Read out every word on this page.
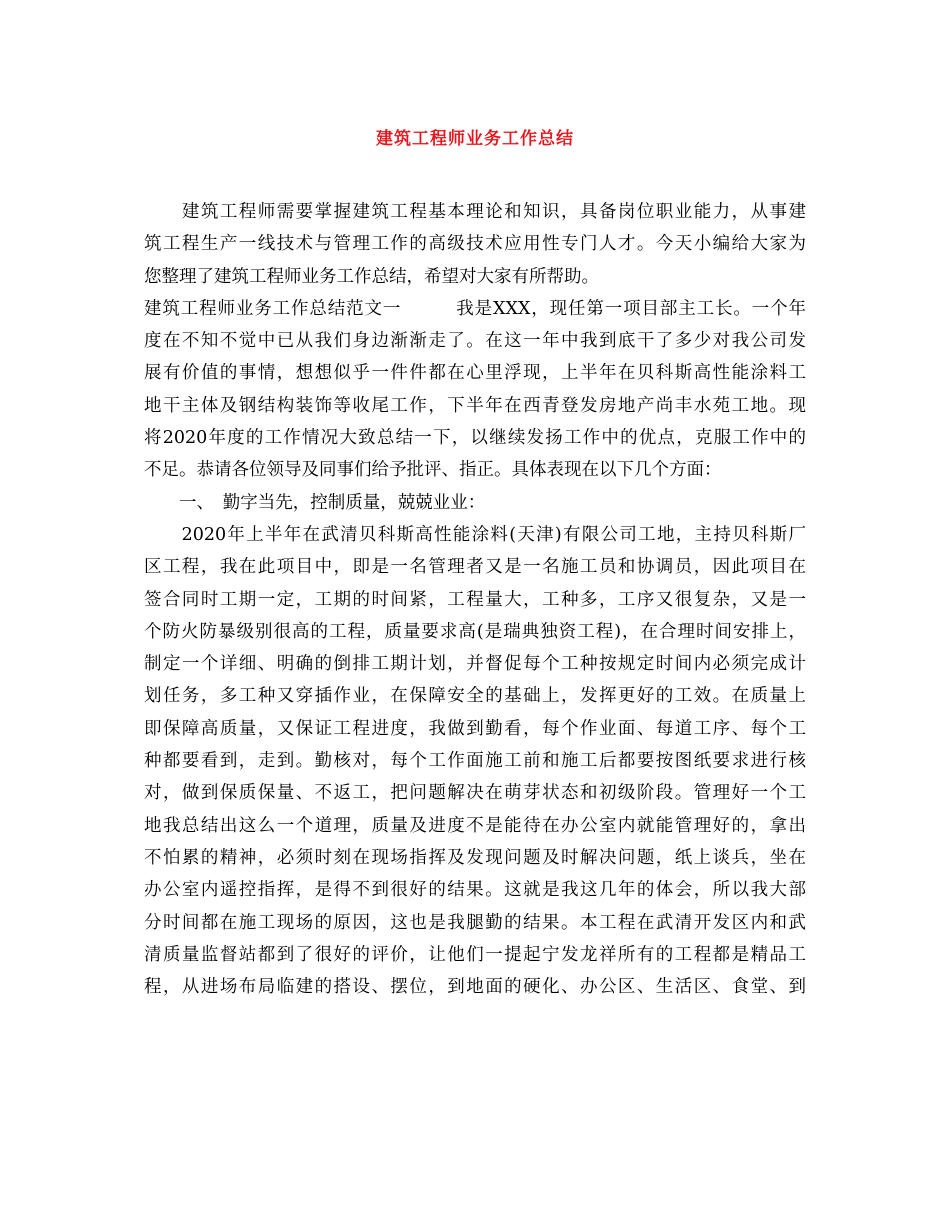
建筑工程师业务工作总结
　　建筑工程师需要掌握建筑工程基本理论和知识，具备岗位职业能力，从事建
筑工程生产一线技术与管理工作的高级技术应用性专门人才。今天小编给大家为
您整理了建筑工程师业务工作总结，希望对大家有所帮助。
建筑工程师业务工作总结范文一　　　我是XXX，现任第一项目部主工长。一个年
度在不知不觉中已从我们身边渐渐走了。在这一年中我到底干了多少对我公司发
展有价值的事情，想想似乎一件件都在心里浮现，上半年在贝科斯高性能涂料工
地干主体及钢结构装饰等收尾工作，下半年在西青登发房地产尚丰水苑工地。现
将2020年度的工作情况大致总结一下，以继续发扬工作中的优点，克服工作中的
不足。恭请各位领导及同事们给予批评、指正。具体表现在以下几个方面：
　　一、　勤字当先，控制质量，兢兢业业：
　　2020年上半年在武清贝科斯高性能涂料(天津)有限公司工地，主持贝科斯厂
区工程，我在此项目中，即是一名管理者又是一名施工员和协调员，因此项目在
签合同时工期一定，工期的时间紧，工程量大，工种多，工序又很复杂，又是一
个防火防暴级别很高的工程，质量要求高(是瑞典独资工程)，在合理时间安排上，
制定一个详细、明确的倒排工期计划，并督促每个工种按规定时间内必须完成计
划任务，多工种又穿插作业，在保障安全的基础上，发挥更好的工效。在质量上
即保障高质量，又保证工程进度，我做到勤看，每个作业面、每道工序、每个工
种都要看到，走到。勤核对，每个工作面施工前和施工后都要按图纸要求进行核
对，做到保质保量、不返工，把问题解决在萌芽状态和初级阶段。管理好一个工
地我总结出这么一个道理，质量及进度不是能待在办公室内就能管理好的，拿出
不怕累的精神，必须时刻在现场指挥及发现问题及时解决问题，纸上谈兵，坐在
办公室内遥控指挥，是得不到很好的结果。这就是我这几年的体会，所以我大部
分时间都在施工现场的原因，这也是我腿勤的结果。本工程在武清开发区内和武
清质量监督站都到了很好的评价，让他们一提起宁发龙祥所有的工程都是精品工
程，从进场布局临建的搭设、摆位，到地面的硬化、办公区、生活区、食堂、到
